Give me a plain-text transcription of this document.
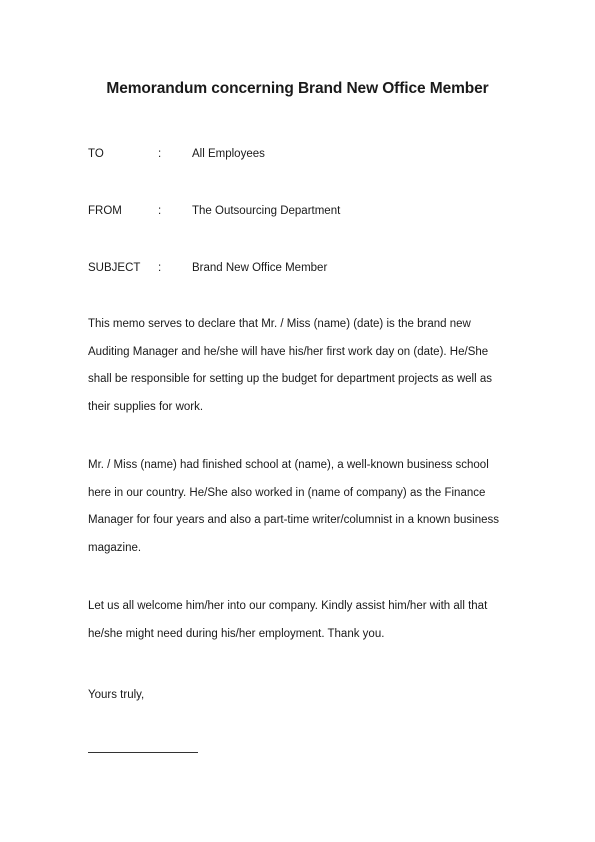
Memorandum concerning Brand New Office Member
TO	:	All Employees
FROM	:	The Outsourcing Department
SUBJECT :	Brand New Office Member
This memo serves to declare that Mr. / Miss (name) (date) is the brand new
Auditing Manager and he/she will have his/her first work day on (date). He/She
shall be responsible for setting up the budget for department projects as well as
their supplies for work.
Mr. / Miss (name) had finished school at (name), a well-known business school
here in our country. He/She also worked in (name of company) as the Finance
Manager for four years and also a part-time writer/columnist in a known business
magazine.
Let us all welcome him/her into our company. Kindly assist him/her with all that
he/she might need during his/her employment. Thank you.
Yours truly,
